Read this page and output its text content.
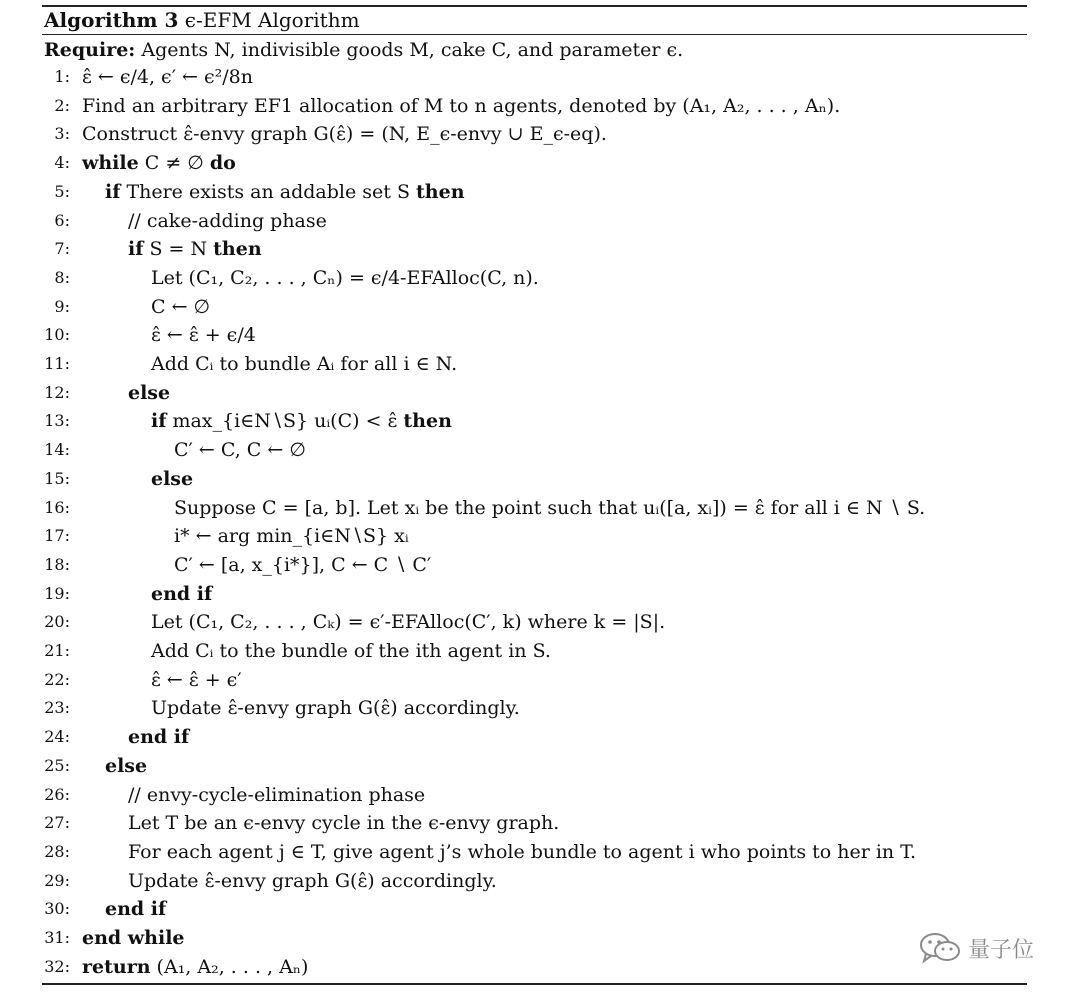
Algorithm 3 ϵ-EFM Algorithm
Require: Agents N, indivisible goods M, cake C, and parameter ϵ.
1: ε̂ ← ϵ/4, ϵ′ ← ϵ²/8n
2: Find an arbitrary EF1 allocation of M to n agents, denoted by (A₁, A₂, . . . , Aₙ).
3: Construct ε̂-envy graph G(ε̂) = (N, E_ϵ-envy ∪ E_ϵ-eq).
4: while C ≠ ∅ do
5: if There exists an addable set S then
6:	// cake-adding phase
7:	if S = N then
8:	Let (C₁, C₂, . . . , Cₙ) = ϵ/4-EFAlloc(C, n).
9:	C ← ∅
10:	ε̂ ← ε̂ + ϵ/4
11:	Add Cᵢ to bundle Aᵢ for all i ∈ N.
12:	else
13:	if max_{i∈N∖S} uᵢ(C) < ε̂ then
14:	C′ ← C, C ← ∅
15:	else
16:	Suppose C = [a, b]. Let xᵢ be the point such that uᵢ([a, xᵢ]) = ε̂ for all i ∈ N ∖ S.
17:	i* ← arg min_{i∈N∖S} xᵢ
18:	C′ ← [a, x_{i*}], C ← C ∖ C′
19:	end if
20:	Let (C₁, C₂, . . . , Cₖ) = ϵ′-EFAlloc(C′, k) where k = |S|.
21:	Add Cᵢ to the bundle of the ith agent in S.
22:	ε̂ ← ε̂ + ϵ′
23:	Update ε̂-envy graph G(ε̂) accordingly.
24:	end if
25: else
26:	// envy-cycle-elimination phase
27:	Let T be an ϵ-envy cycle in the ϵ-envy graph.
28:	For each agent j ∈ T, give agent j’s whole bundle to agent i who points to her in T.
29:	Update ε̂-envy graph G(ε̂) accordingly.
30: end if
31: end while
32: return (A₁, A₂, . . . , Aₙ)
量子位
